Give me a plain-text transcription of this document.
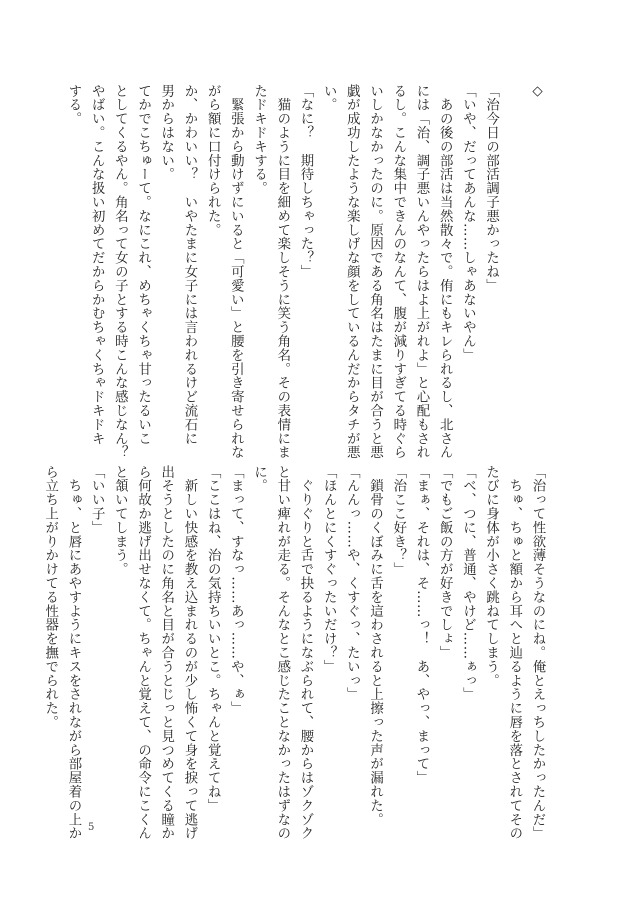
◇

「治今日の部活調子悪かったね」

「いや、だってあんな……しゃあないやん」

　あの後の部活は当然散々で。侑にもキレられるし、北さん

には「治、調子悪いんやったらはよ上がれよ」と心配もされ

るし。こんな集中できんのなんて、腹が減りすぎてる時ぐら

いしかなかったのに。原因である角名はたまに目が合うと悪

戯が成功したような楽しげな顔をしているんだからタチが悪

い。

「なに？　期待しちゃった？」

　猫のように目を細めて楽しそうに笑う角名。その表情にま

たドキドキする。

　緊張から動けずにいると「可愛い」と腰を引き寄せられな

がら額に口付けられた。

か、かわいい？　いやたまに女子には言われるけど流石に

男からはない。

てかでこちゅーて。なにこれ、めちゃくちゃ甘ったるいこ

としてくるやん。角名って女の子とする時こんな感じなん？

やばい。こんな扱い初めてだからかむちゃくちゃドキドキ

する。

「治って性欲薄そうなのにね。俺とえっちしたかったんだ」

　ちゅ、ちゅと額から耳へと辿るように唇を落とされてその

たびに身体が小さく跳ねてしまう。

「べ、つに、普通、やけど……ぁっ」

「でもご飯の方が好きでしょ」

「まぁ、それは、そ……っ！　あ、やっ、まって」

「治ここ好き？」

　鎖骨のくぼみに舌を這わされると上擦った声が漏れた。

「んんっ……や、くすぐっ、たいっ」

「ほんとにくすぐったいだけ？」

　ぐりぐりと舌で抉るようになぶられて、腰からはゾクゾク

と甘い痺れが走る。そんなとこ感じたことなかったはずなの

に。

「まって、すなっ……あっ……や、ぁ」

「ここはね、治の気持ちいいとこ。ちゃんと覚えてね」

　新しい快感を教え込まれるのが少し怖くて身を捩って逃げ

出そうとしたのに角名と目が合うとじっと見つめてくる瞳か

ら何故か逃げ出せなくて。ちゃんと覚えて、の命令にこくん

と頷いてしまう。

「いい子」

　ちゅ、と唇にあやすようにキスをされながら部屋着の上か

ら立ち上がりかけてる性器を撫でられた。

5
